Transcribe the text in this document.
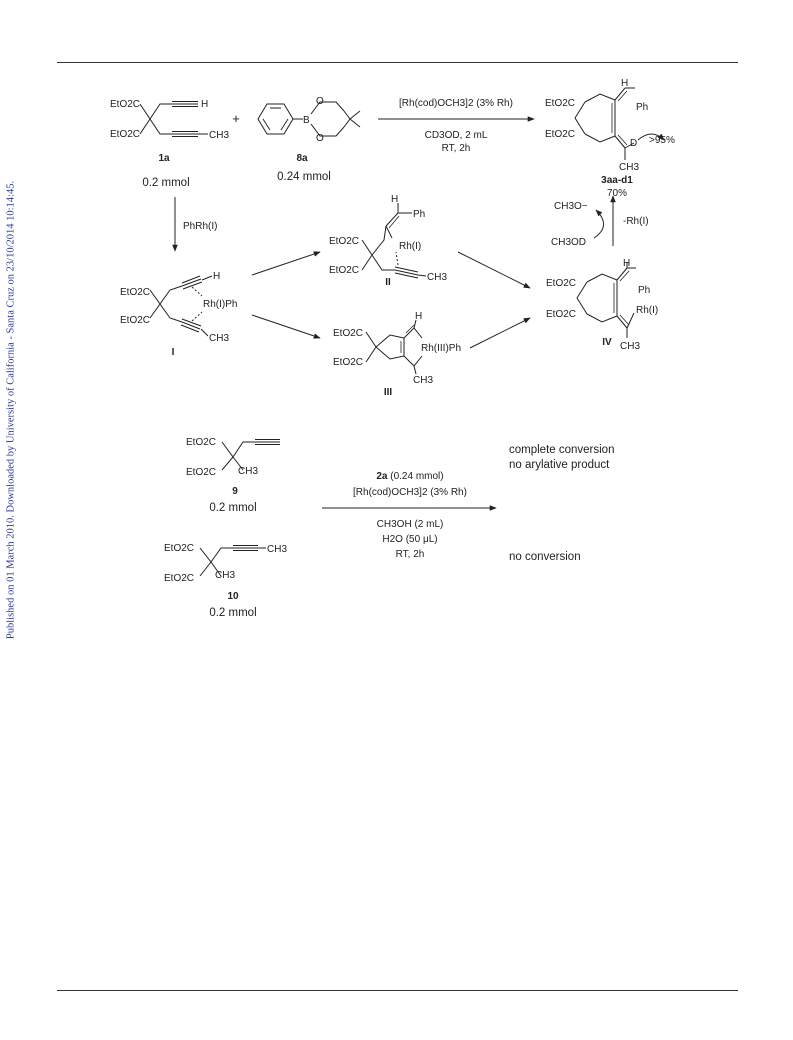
Published on 01 March 2010. Downloaded by University of California - Santa Cruz on 23/10/2014 10:14:45.
EtO2C
EtO2C
H
CH3
1a
0.2 mmol
+	B
O
O
8a
0.24 mmol
[Rh(cod)OCH3]2 (3% Rh)
CD3OD, 2 mL
RT, 2h
EtO2C
EtO2C
H
Ph
D
CH3
>95%
3aa-d1
70%
PhRh(I)
EtO2C
EtO2C
H
Rh(I)Ph
CH3
I
EtO2C
EtO2C
H
Ph
Rh(I)
CH3
II
EtO2C
EtO2C
H
Rh(III)Ph
CH3
III
CH3O−
CH3OD
-Rh(I)
EtO2C
EtO2C
H
Ph
Rh(I)
CH3
IV
EtO2C
EtO2C CH3
9
0.2 mmol
2a (0.24 mmol)
[Rh(cod)OCH3]2 (3% Rh)
CH3OH (2 mL)
H2O (50 μL)
RT, 2h
complete conversion
no arylative product
no conversion
EtO2C
EtO2C
CH3
CH3
10
0.2 mmol
